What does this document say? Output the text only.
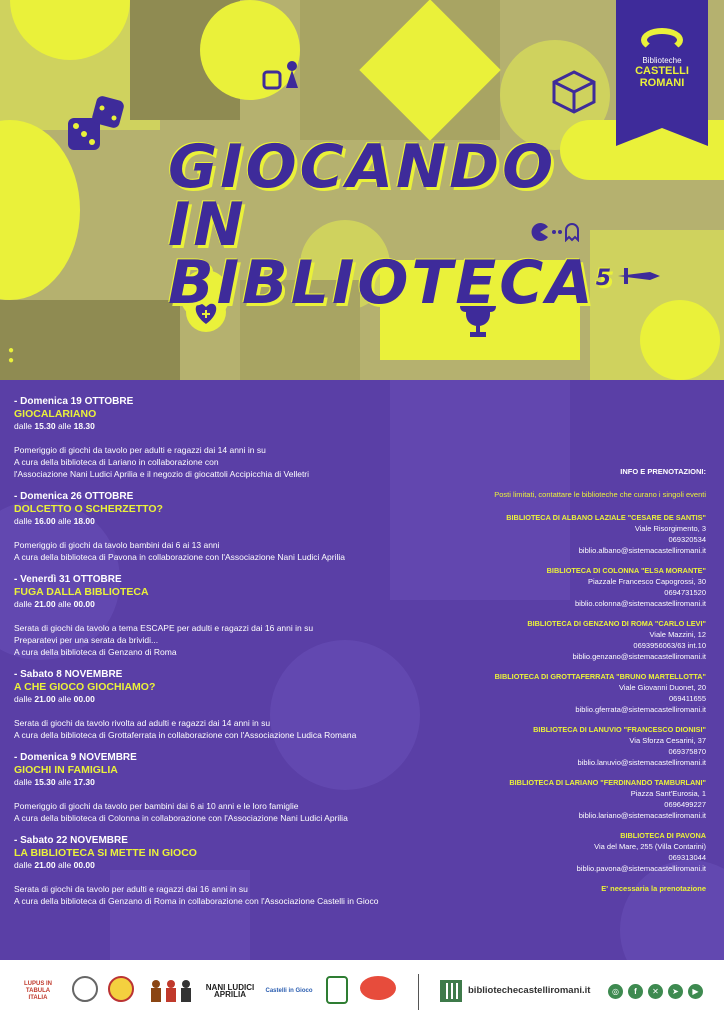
●
●
GIOCANDO IN
BIBLIOTECA$^5$
Biblioteche
CASTELLI
ROMANI
- Domenica 19 OTTOBRE
GIOCALARIANO
dalle 15.30 alle 18.30
Pomeriggio di giochi da tavolo per adulti e ragazzi dai 14 anni in su
A cura della biblioteca di Lariano in collaborazione con
l'Associazione Nani Ludici Aprilia e il negozio di giocattoli Accipicchia di Velletri
- Domenica 26 OTTOBRE
DOLCETTO O SCHERZETTO?
dalle 16.00 alle 18.00
Pomeriggio di giochi da tavolo bambini dai 6 ai 13 anni
A cura della biblioteca di Pavona in collaborazione con l'Associazione Nani Ludici Aprilia
- Venerdì 31 OTTOBRE
FUGA DALLA BIBLIOTECA
dalle 21.00 alle 00.00
Serata di giochi da tavolo a tema ESCAPE per adulti e ragazzi dai 16 anni in su
Preparatevi per una serata da brividi...
A cura della biblioteca di Genzano di Roma
- Sabato 8 NOVEMBRE
A CHE GIOCO GIOCHIAMO?
dalle 21.00 alle 00.00
Serata di giochi da tavolo rivolta ad adulti e ragazzi dai 14 anni in su
A cura della biblioteca di Grottaferrata in collaborazione con l'Associazione Ludica Romana
- Domenica 9 NOVEMBRE
GIOCHI IN FAMIGLIA
dalle 15.30 alle 17.30
Pomeriggio di giochi da tavolo per bambini dai 6 ai 10 anni e le loro famiglie
A cura della biblioteca di Colonna in collaborazione con l'Associazione Nani Ludici Aprilia
- Sabato 22 NOVEMBRE
LA BIBLIOTECA SI METTE IN GIOCO
dalle 21.00 alle 00.00
Serata di giochi da tavolo per adulti e ragazzi dai 16 anni in su
A cura della biblioteca di Genzano di Roma in collaborazione con l'Associazione Castelli in Gioco
INFO E PRENOTAZIONI:
Posti limitati, contattare le biblioteche che curano i singoli eventi
BIBLIOTECA DI ALBANO LAZIALE "CESARE DE SANTIS"
Viale Risorgimento, 3
069320534
biblio.albano@sistemacastelliromani.it
BIBLIOTECA DI COLONNA "ELSA MORANTE"
Piazzale Francesco Capogrossi, 30
0694731520
biblio.colonna@sistemacastelliromani.it
BIBLIOTECA DI GENZANO DI ROMA "CARLO LEVI"
Viale Mazzini, 12
0693956063/63 int.10
biblio.genzano@sistemacastelliromani.it
BIBLIOTECA DI GROTTAFERRATA "BRUNO MARTELLOTTA"
Viale Giovanni Duonet, 20
069411655
biblio.gferrata@sistemacastelliromani.it
BIBLIOTECA DI LANUVIO "FRANCESCO DIONISI"
Via Sforza Cesarini, 37
069375870
biblio.lanuvio@sistemacastelliromani.it
BIBLIOTECA DI LARIANO "FERDINANDO TAMBURLANI"
Piazza Sant'Eurosia, 1
0696499227
biblio.lariano@sistemacastelliromani.it
BIBLIOTECA DI PAVONA
Via del Mare, 255 (Villa Contarini)
069313044
biblio.pavona@sistemacastelliromani.it
E' necessaria la prenotazione
LUPUS IN TABULA ITALIA
NANI LUDICI APRILIA	Castelli in Gioco	bibliotechecastelliromani.it	◎	f	✕	➤	▶
